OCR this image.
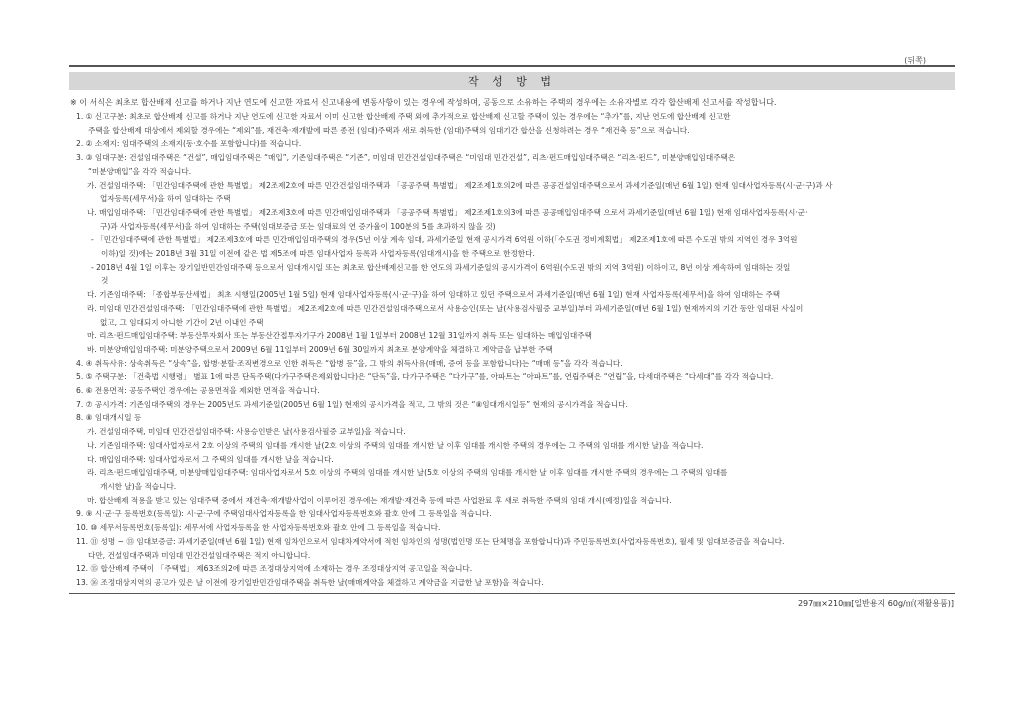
(뒤쪽)
작 성 방 법
※ 이 서식은 최초로 합산배제 신고를 하거나 지난 연도에 신고한 자료서 신고내용에 변동사항이 있는 경우에 작성하며, 공동으로 소유하는 주택의 경우에는 소유자별로 각각 합산배제 신고서를 작성합니다.
1. ① 신고구분: 최초로 합산배제 신고를 하거나 지난 연도에 신고한 자료서 이미 신고한 합산배제 주택 외에 추가적으로 합산배제 신고할 주택이 있는 경우에는 “추가”를, 지난 연도에 합산배제 신고한
주택을 합산배제 대상에서 제외할 경우에는 “제외”를, 재건축·재개발에 따른 종전 (임대)주택과 새로 취득한 (임대)주택의 임대기간 합산을 신청하려는 경우 “재건축 등”으로 적습니다.
2. ② 소재지: 임대주택의 소재지(동·호수를 포함합니다)를 적습니다.
3. ③ 임대구분: 건설임대주택은 “건설”, 매입임대주택은 “매입”, 기존임대주택은 “기존”, 미임대 민간건설임대주택은 “미임대 민간건설”, 리츠·펀드매입임대주택은 “리츠·펀드”, 미분양매입임대주택은
“미분양매입”을 각각 적습니다.
가. 건설임대주택: 「민간임대주택에 관한 특별법」 제2조제2호에 따른 민간건설임대주택과 「공공주택 특별법」 제2조제1호의2에 따른 공공건설임대주택으로서 과세기준일(매년 6월 1일) 현재 임대사업자등록(시·군·구)과 사
업자등록(세무서)을 하여 임대하는 주택
나. 매입임대주택: 「민간임대주택에 관한 특별법」 제2조제3호에 따른 민간매입임대주택과 「공공주택 특별법」 제2조제1호의3에 따른 공공매입임대주택 으로서 과세기준일(매년 6월 1일) 현재 임대사업자등록(시·군·
구)과 사업자등록(세무서)을 하여 임대하는 주택(임대보증금 또는 임대료의 연 증가율이 100분의 5를 초과하지 않을 것)
- 「민간임대주택에 관한 특별법」 제2조제3호에 따른 민간매입임대주택의 경우(5년 이상 계속 임대, 과세기준일 현재 공시가격 6억원 이하(「수도권 정비계획법」 제2조제1호에 따른 수도권 밖의 지역인 경우 3억원
이하)일 것)에는 2018년 3월 31일 이전에 같은 법 제5조에 따른 임대사업자 등록과 사업자등록(임대개시)을 한 주택으로 한정한다.
- 2018년 4월 1일 이후는 장기일반민간임대주택 등으로서 임대개시일 또는 최초로 합산배제신고를 한 연도의 과세기준일의 공시가격이 6억원(수도권 밖의 지역 3억원) 이하이고, 8년 이상 계속하여 임대하는 것일
것
다. 기존임대주택: 「종합부동산세법」 최초 시행일(2005년 1월 5일) 현재 임대사업자등록(시·군·구)을 하여 임대하고 있던 주택으로서 과세기준일(매년 6월 1일) 현재 사업자등록(세무서)을 하여 임대하는 주택
라. 미임대 민간건설임대주택: 「민간임대주택에 관한 특별법」 제2조제2호에 따른 민간건설임대주택으로서 사용승인(또는 날(사용검사필증 교부일)부터 과세기준일(매년 6월 1일) 현재까지의 기간 동안 임대된 사실이
없고, 그 임대되지 아니한 기간이 2년 이내인 주택
마. 리츠·펀드매입임대주택: 부동산투자회사 또는 부동산간접투자기구가 2008년 1월 1일부터 2008년 12월 31일까지 취득 또는 임대하는 매입임대주택
바. 미분양매입임대주택: 미분양주택으로서 2009년 6월 11일부터 2009년 6월 30일까지 최초로 분양계약을 체결하고 계약금을 납부한 주택
4. ④ 취득사유: 상속취득은 “상속”을, 합병·분할·조직변경으로 인한 취득은 “합병 등”을, 그 밖의 취득사유(매매, 증여 등을 포함합니다)는 “매매 등”을 각각 적습니다.
5. ⑤ 주택구분: 「건축법 시행령」 별표 1에 따른 단독주택(다가구주택은제외합니다)은 “단독”을, 다가구주택은 “다가구”를, 아파트는 “아파트”를, 연립주택은 “연립”을, 다세대주택은 “다세대”를 각각 적습니다.
6. ⑥ 전용면적: 공동주택인 경우에는 공용면적을 제외한 면적을 적습니다.
7. ⑦ 공시가격: 기존임대주택의 경우는 2005년도 과세기준일(2005년 6월 1일) 현재의 공시가격을 적고, 그 밖의 것은 “⑧임대개시일등” 현재의 공시가격을 적습니다.
8. ⑧ 임대개시일 등
가. 건설임대주택, 미임대 민간건설임대주택: 사용승인받은 날(사용검사필증 교부일)을 적습니다.
나. 기존임대주택: 임대사업자로서 2호 이상의 주택의 임대를 개시한 날(2호 이상의 주택의 임대를 개시한 날 이후 임대를 개시한 주택의 경우에는 그 주택의 임대를 개시한 날)을 적습니다.
다. 매입임대주택: 임대사업자로서 그 주택의 임대를 개시한 날을 적습니다.
라. 리츠·펀드매입임대주택, 미분양매입임대주택: 임대사업자로서 5호 이상의 주택의 임대를 개시한 날(5호 이상의 주택의 임대를 개시한 날 이후 임대를 개시한 주택의 경우에는 그 주택의 임대를
개시한 날)을 적습니다.
마. 합산배제 적용을 받고 있는 임대주택 중에서 재건축·재개발사업이 이루어진 경우에는 재개발·재건축 등에 따른 사업완료 후 새로 취득한 주택의 임대 개시(예정)일을 적습니다.
9. ⑨ 시·군·구 등록번호(등록일): 시·군·구에 주택임대사업자등록을 한 임대사업자등록번호와 괄호 안에 그 등록일을 적습니다.
10. ⑩ 세무서등록번호(등록일): 세무서에 사업자등록을 한 사업자등록번호와 괄호 안에 그 등록일을 적습니다.
11. ⑪ 성명 ~ ⑬ 임대보증금: 과세기준일(매년 6월 1일) 현재 임차인으로서 임대차계약서에 적힌 임차인의 성명(법인명 또는 단체명을 포함합니다)과 주민등록번호(사업자등록번호), 월세 및 임대보증금을 적습니다.
다만, 건설임대주택과 미임대 민간건설임대주택은 적지 아니합니다.
12. ⑮ 합산배제 주택이 「주택법」 제63조의2에 따른 조정대상지역에 소재하는 경우 조정대상지역 공고일을 적습니다.
13. ⑯ 조정대상지역의 공고가 있은 날 이전에 장기일반민간임대주택을 취득한 날(매매계약을 체결하고 계약금을 지급한 날 포함)을 적습니다.
297㎜×210㎜[일반용지 60g/㎡(재활용품)]
